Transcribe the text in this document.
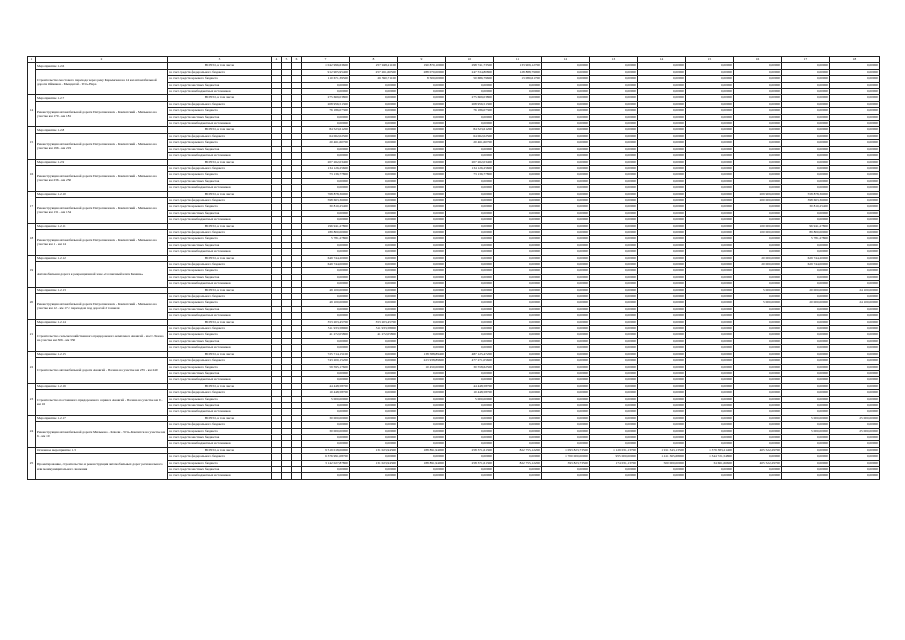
1	2	3	4	5	6	7	8	9	10	11	12	13	14	15	16	17	18
	Мероприятие 1.2.6	ВСЕГО, в том числе				1 042 996,63600	257 948,21100	190 870,10000	298 741,73500	133 909,12700	0,00000	0,00000	0,00000	0,00000	0,00000	0,00000	0,00000
	Строительство мостового перехода через реку Карымская на 14 км автомобильной дороги Оймякон - Мындагай - Усть-Нера	за счет средств федерального бюджета				912 905,95400	257 261,60500	288 070,00000	247 534,80800	128 888,79000	0,00000	0,00000	0,00000	0,00000	0,00000	0,00000	0,00000
		за счет средств краевого бюджета				110 671,39500	26 390,71100	8 500,00000	50 686,79600	13 080,61700	0,00000	0,00000	0,00000	0,00000	0,00000	0,00000	0,00000
		за счет средств местных бюджетов				0,00000	0,00000	0,00000	0,00000	0,00000	0,00000	0,00000	0,00000	0,00000	0,00000	0,00000	0,00000
		за счет средств внебюджетных источников				0,00000	0,00000	0,00000	0,00000	0,00000	0,00000	0,00000	0,00000	0,00000	0,00000	0,00000	0,00000
14	Мероприятие 1.2.7	ВСЕГО, в том числе				275 669,03800	0,00000	0,00000	275 669,03800	0,00000	0,00000	0,00000	0,00000	0,00000	0,00000	0,00000	0,00000
	Реконструкция автомобильной дороги Петропавловск - Камчатский - Мильково на участке км 170 - км 181	за счет средств федерального бюджета				208 956,51300	0,00000	0,00000	208 956,51300	0,00000	0,00000	0,00000	0,00000	0,00000	0,00000	0,00000	0,00000
		за счет средств краевого бюджета				76 186,07300	0,00000	0,00000	76 186,07300	0,00000	0,00000	0,00000	0,00000	0,00000	0,00000	0,00000	0,00000
		за счет средств местных бюджетов				0,00000	0,00000	0,00000	0,00000	0,00000	0,00000	0,00000	0,00000	0,00000	0,00000	0,00000	0,00000
		за счет средств внебюджетных источников				0,00000	0,00000	0,00000	0,00000	0,00000	0,00000	0,00000	0,00000	0,00000	0,00000	0,00000	0,00000
15	Мероприятие 1.2.8	ВСЕГО, в том числе				84 523,61200	0,00000	0,00000	84 523,61200	0,00000	0,00000	0,00000	0,00000	0,00000	0,00000	0,00000	0,00000
	Реконструкция автомобильной дороги Петропавловск - Камчатский - Мильково на участке км 196 - км 219	за счет средств федерального бюджета				64 062,02500	0,00000	0,00000	64 062,02500	0,00000	0,00000	0,00000	0,00000	0,00000	0,00000	0,00000	0,00000
		за счет средств краевого бюджета				20 461,60700	0,00000	0,00000	20 461,60700	0,00000	0,00000	0,00000	0,00000	0,00000	0,00000	0,00000	0,00000
		за счет средств местных бюджетов				0,00000	0,00000	0,00000	0,00000	0,00000	0,00000	0,00000	0,00000	0,00000	0,00000	0,00000	0,00000
		за счет средств внебюджетных источников				0,00000	0,00000	0,00000	0,00000	0,00000	0,00000	0,00000	0,00000	0,00000	0,00000	0,00000	0,00000
16	Мероприятие 1.2.9	ВСЕГО, в том числе				207 262,03400	0,00000	0,00000	207 262,03400	0,00000	0,00000	0,00000	0,00000	0,00000	0,00000	0,00000	0,00000
	Реконструкция автомобильной дороги Петропавловск - Камчатский - Мильково на участке км 236 - км 250	за счет средств федерального бюджета				134 126,25600	0,00000	0,00000	134 126,25600	0,00000	0,00000	0,00000	0,00000	0,00000	0,00000	0,00000	0,00000
		за счет средств краевого бюджета				73 136,77800	0,00000	0,00000	73 136,77800	0,00000	0,00000	0,00000	0,00000	0,00000	0,00000	0,00000	0,00000
		за счет средств местных бюджетов				0,00000	0,00000	0,00000	0,00000	0,00000	0,00000	0,00000	0,00000	0,00000	0,00000	0,00000	0,00000
		за счет средств внебюджетных источников				0,00000	0,00000	0,00000	0,00000	0,00000	0,00000	0,00000	0,00000	0,00000	0,00000	0,00000	0,00000
17	Мероприятие 1.2.10	ВСЕГО, в том числе				768 878,36000	0,00000	0,00000	0,00000	0,00000	0,00000	0,00000	0,00000	0,00000	209 909,00000	558 878,36000	0,00000
	Реконструкция автомобильной дороги Петропавловск - Камчатский - Мильково на участке км 131 - км 134	за счет средств федерального бюджета				598 663,36000	0,00000	0,00000	0,00000	0,00000	0,00000	0,00000	0,00000	0,00000	200 000,00000	398 663,36000	0,00000
		за счет средств краевого бюджета				30 810,25400	0,00000	0,00000	0,00000	0,00000	0,00000	0,00000	0,00000	0,00000	0,00000	30 810,25400	0,00000
		за счет средств местных бюджетов				0,00000	0,00000	0,00000	0,00000	0,00000	0,00000	0,00000	0,00000	0,00000	0,00000	0,00000	0,00000
		за счет средств внебюджетных источников				0,00000	0,00000	0,00000	0,00000	0,00000	0,00000	0,00000	0,00000	0,00000	0,00000	0,00000	0,00000
18	Мероприятие 1.2.11	ВСЕГО, в том числе				196 941,27800	0,00000	0,00000	0,00000	0,00000	0,00000	0,00000	0,00000	0,00000	100 000,00000	96 941,27800	0,00000
	Реконструкция автомобильной дороги Петропавловск - Камчатский - Мильково на участке км 1 - км 14	за счет средств федерального бюджета				189 800,00000	0,00000	0,00000	0,00000	0,00000	0,00000	0,00000	0,00000	0,00000	100 000,00000	89 800,00000	0,00000
		за счет средств краевого бюджета				5 781,27800	0,00000	0,00000	0,00000	0,00000	0,00000	0,00000	0,00000	0,00000	0,00000	5 781,27800	0,00000
		за счет средств местных бюджетов				0,00000	0,00000	0,00000	0,00000	0,00000	0,00000	0,00000	0,00000	0,00000	0,00000	0,00000	0,00000
		за счет средств внебюджетных источников				0,00000	0,00000	0,00000	0,00000	0,00000	0,00000	0,00000	0,00000	0,00000	0,00000	0,00000	0,00000
19	Мероприятие 1.2.12	ВСЕГО, в том числе				649 744,20000	0,00000	0,00000	0,00000	0,00000	0,00000	0,00000	0,00000	0,00000	20 000,00000	629 744,20000	0,00000
	Автомобильная дорога к рекреационной зоне «Солнечный ключ Кемень»	за счет средств федерального бюджета				649 744,00000	0,00000	0,00000	0,00000	0,00000	0,00000	0,00000	0,00000	0,00000	20 000,00000	629 744,00000	0,00000
		за счет средств краевого бюджета				0,00000	0,00000	0,00000	0,00000	0,00000	0,00000	0,00000	0,00000	0,00000	0,00000	0,00000	0,00000
		за счет средств местных бюджетов				0,00000	0,00000	0,00000	0,00000	0,00000	0,00000	0,00000	0,00000	0,00000	0,00000	0,00000	0,00000
		за счет средств внебюджетных источников				0,00000	0,00000	0,00000	0,00000	0,00000	0,00000	0,00000	0,00000	0,00000	0,00000	0,00000	0,00000
20	Мероприятие 1.2.13	ВСЕГО, в том числе				49 100,00000	0,00000	0,00000	0,00000	0,00000	0,00000	0,00000	0,00000	0,00000	5 000,00000	20 000,00000	24 100,00000
	Реконструкция автомобильной дороги Петропавловск - Камчатский - Мильково на участке км 12 - км 17 с переходом под дорогой 2 тоннеля	за счет средств федерального бюджета				0,00000	0,00000	0,00000	0,00000	0,00000	0,00000	0,00000	0,00000	0,00000	0,00000	0,00000	0,00000
		за счет средств краевого бюджета				49 100,00000	0,00000	0,00000	0,00000	0,00000	0,00000	0,00000	0,00000	0,00000	5 000,00000	20 000,00000	24 100,00000
		за счет средств местных бюджетов				0,00000	0,00000	0,00000	0,00000	0,00000	0,00000	0,00000	0,00000	0,00000	0,00000	0,00000	0,00000
		за счет средств внебюджетных источников				0,00000	0,00000	0,00000	0,00000	0,00000	0,00000	0,00000	0,00000	0,00000	0,00000	0,00000	0,00000
21	Мероприятие 1.2.14	ВСЕГО, в том числе				353 203,45700	353 203,45700	0,00000	0,00000	0,00000	0,00000	0,00000	0,00000	0,00000	0,00000	0,00000	0,00000
	Строительство сельскохозяйственного придорожного комплекса Анавгай - мост Лазово на участке км 306 - км 350	за счет средств федерального бюджета				311 933,58900	311 933,58900	0,00000	0,00000	0,00000	0,00000	0,00000	0,00000	0,00000	0,00000	0,00000	0,00000
		за счет средств краевого бюджета				41 272,05800	41 272,05800	0,00000	0,00000	0,00000	0,00000	0,00000	0,00000	0,00000	0,00000	0,00000	0,00000
		за счет средств местных бюджетов				0,00000	0,00000	0,00000	0,00000	0,00000	0,00000	0,00000	0,00000	0,00000	0,00000	0,00000	0,00000
		за счет средств внебюджетных источников				0,00000	0,00000	0,00000	0,00000	0,00000	0,00000	0,00000	0,00000	0,00000	0,00000	0,00000	0,00000
22	Мероприятие 1.2.15	ВСЕГО, в том числе				725 714,15100	0,00000	138 588,89400	487 125,47200	0,00000	0,00000	0,00000	0,00000	0,00000	0,00000	0,00000	0,00000
	Строительство автомобильной дороги Анавгай - Палана на участке км 235 - км 240	за счет средств федерального бюджета				743 200,15200	0,00000	223 938,89600	477 271,05600	0,00000	0,00000	0,00000	0,00000	0,00000	0,00000	0,00000	0,00000
		за счет средств краевого бюджета				59 595,17600	0,00000	10 450,00000	30 558,62500	0,00000	0,00000	0,00000	0,00000	0,00000	0,00000	0,00000	0,00000
		за счет средств местных бюджетов				0,00000	0,00000	0,00000	0,00000	0,00000	0,00000	0,00000	0,00000	0,00000	0,00000	0,00000	0,00000
		за счет средств внебюджетных источников				0,00000	0,00000	0,00000	0,00000	0,00000	0,00000	0,00000	0,00000	0,00000	0,00000	0,00000	0,00000
23	Мероприятие 1.2.16	ВСЕГО, в том числе				44 448,58700	0,00000	0,00000	44 448,58700	0,00000	0,00000	0,00000	0,00000	0,00000	0,00000	0,00000	0,00000
	Строительство постоянного придорожного сервиса Анавгай - Палана на участке км 0 - км 16	за счет средств федерального бюджета				10 448,58700	0,00000	0,00000	10 448,58700	0,00000	0,00000	0,00000	0,00000	0,00000	0,00000	0,00000	0,00000
		за счет средств краевого бюджета				5 000,00000	0,00000	0,00000	5 000,00000	0,00000	0,00000	0,00000	0,00000	0,00000	0,00000	0,00000	0,00000
		за счет средств местных бюджетов				0,00000	0,00000	0,00000	0,00000	0,00000	0,00000	0,00000	0,00000	0,00000	0,00000	0,00000	0,00000
		за счет средств внебюджетных источников				0,00000	0,00000	0,00000	0,00000	0,00000	0,00000	0,00000	0,00000	0,00000	0,00000	0,00000	0,00000
24	Мероприятие 1.2.17	ВСЕГО, в том числе				30 000,00000	0,00000	0,00000	0,00000	0,00000	0,00000	0,00000	0,00000	0,00000	0,00000	5 000,00000	25 000,00000
	Реконструкция автомобильной дороги Мильково - Ключи - Усть-Камчатск на участке км 6 - км 10	за счет средств федерального бюджета				0,00000	0,00000	0,00000	0,00000	0,00000	0,00000	0,00000	0,00000	0,00000	0,00000	0,00000	0,00000
		за счет средств краевого бюджета				30 000,00000	0,00000	0,00000	0,00000	0,00000	0,00000	0,00000	0,00000	0,00000	0,00000	5 000,00000	25 000,00000
		за счет средств местных бюджетов				0,00000	0,00000	0,00000	0,00000	0,00000	0,00000	0,00000	0,00000	0,00000	0,00000	0,00000	0,00000
		за счет средств внебюджетных источников				0,00000	0,00000	0,00000	0,00000	0,00000	0,00000	0,00000	0,00000	0,00000	0,00000	0,00000	0,00000
25	Основное мероприятие 1.3	ВСЕГО, в том числе				9 519 018,06900	131 023,94300	188 891,94000	258 371,61300	822 755,12200	1 093 823,73500	1 129 031,13700	1 911 343,13500	1 379 383,21400	405 522,29700	0,00000	0,00000
	Проектирование, строительство и реконструкция автомобильных дорог регионального или межмуниципального значения	за счет средств федерального бюджета				6 376 991,08700	0,00000	0,00000	0,00000	0,00000	1 700 000,00000	955 000,00000	1 411 365,68000	1 344 721,54800	0,00000	0,00000	0,00000
		за счет средств краевого бюджета				3 142 027,87800	131 023,94300	188 891,94000	258 371,61300	822 755,12200	393 823,73500	174 031,13700	500 000,00000	34 661,66600	405 522,29700	0,00000	0,00000
		за счет средств местных бюджетов				0,00000	0,00000	0,00000	0,00000	0,00000	0,00000	0,00000	0,00000	0,00000	0,00000	0,00000	0,00000
		за счет средств внебюджетных источников				0,00000	0,00000	0,00000	0,00000	0,00000	0,00000	0,00000	0,00000	0,00000	0,00000	0,00000	0,00000
